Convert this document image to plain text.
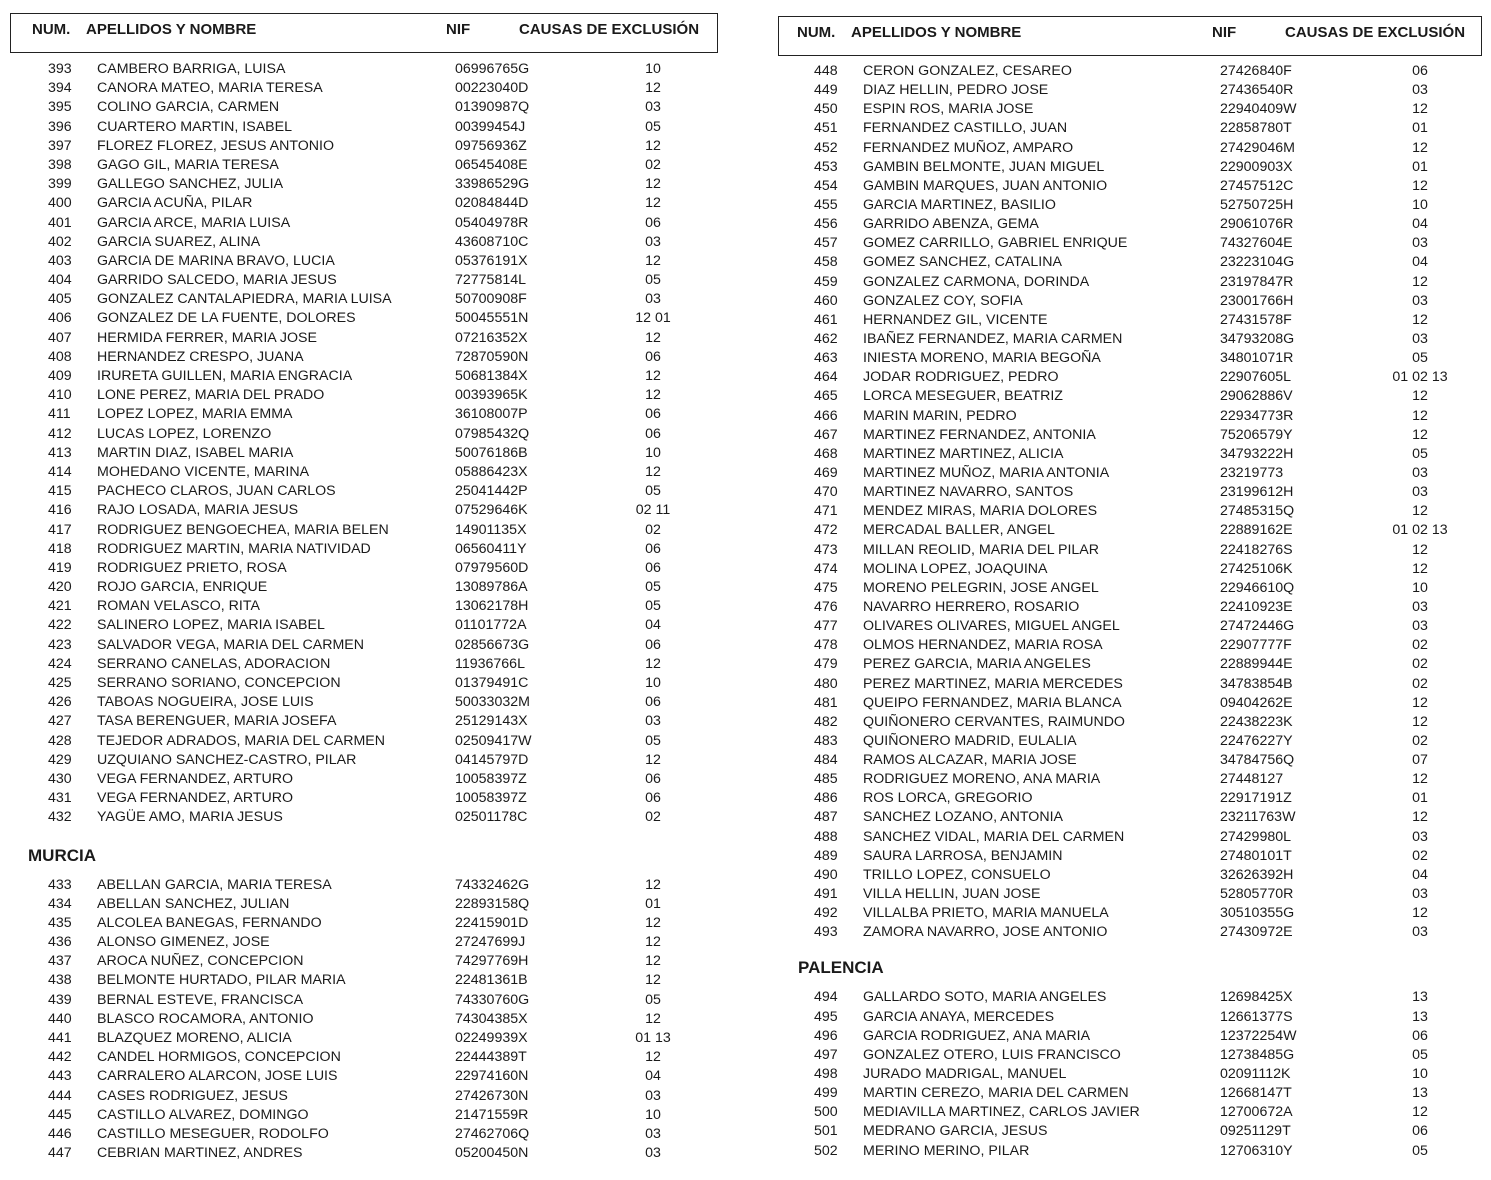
NUM. APELLIDOS Y NOMBRE	NIF	CAUSAS DE EXCLUSIÓN
393 CAMBERO BARRIGA, LUISA	06996765G	10
394 CANORA MATEO, MARIA TERESA	00223040D	12
395 COLINO GARCIA, CARMEN	01390987Q	03
396 CUARTERO MARTIN, ISABEL	00399454J	05
397 FLOREZ FLOREZ, JESUS ANTONIO	09756936Z	12
398 GAGO GIL, MARIA TERESA	06545408E	02
399 GALLEGO SANCHEZ, JULIA	33986529G	12
400 GARCIA ACUÑA, PILAR	02084844D	12
401 GARCIA ARCE, MARIA LUISA	05404978R	06
402 GARCIA SUAREZ, ALINA	43608710C	03
403 GARCIA DE MARINA BRAVO, LUCIA	05376191X	12
404 GARRIDO SALCEDO, MARIA JESUS	72775814L	05
405 GONZALEZ CANTALAPIEDRA, MARIA LUISA	50700908F	03
406 GONZALEZ DE LA FUENTE, DOLORES	50045551N	12 01
407 HERMIDA FERRER, MARIA JOSE	07216352X	12
408 HERNANDEZ CRESPO, JUANA	72870590N	06
409 IRURETA GUILLEN, MARIA ENGRACIA	50681384X	12
410 LONE PEREZ, MARIA DEL PRADO	00393965K	12
411 LOPEZ LOPEZ, MARIA EMMA	36108007P	06
412 LUCAS LOPEZ, LORENZO	07985432Q	06
413 MARTIN DIAZ, ISABEL MARIA	50076186B	10
414 MOHEDANO VICENTE, MARINA	05886423X	12
415 PACHECO CLAROS, JUAN CARLOS	25041442P	05
416 RAJO LOSADA, MARIA JESUS	07529646K	02 11
417 RODRIGUEZ BENGOECHEA, MARIA BELEN	14901135X	02
418 RODRIGUEZ MARTIN, MARIA NATIVIDAD	06560411Y	06
419 RODRIGUEZ PRIETO, ROSA	07979560D	06
420 ROJO GARCIA, ENRIQUE	13089786A	05
421 ROMAN VELASCO, RITA	13062178H	05
422 SALINERO LOPEZ, MARIA ISABEL	01101772A	04
423 SALVADOR VEGA, MARIA DEL CARMEN	02856673G	06
424 SERRANO CANELAS, ADORACION	11936766L	12
425 SERRANO SORIANO, CONCEPCION	01379491C	10
426 TABOAS NOGUEIRA, JOSE LUIS	50033032M	06
427 TASA BERENGUER, MARIA JOSEFA	25129143X	03
428 TEJEDOR ADRADOS, MARIA DEL CARMEN	02509417W	05
429 UZQUIANO SANCHEZ-CASTRO, PILAR	04145797D	12
430 VEGA FERNANDEZ, ARTURO	10058397Z	06
431 VEGA FERNANDEZ, ARTURO	10058397Z	06
432 YAGÜE AMO, MARIA JESUS	02501178C	02
MURCIA
433 ABELLAN GARCIA, MARIA TERESA	74332462G	12
434 ABELLAN SANCHEZ, JULIAN	22893158Q	01
435 ALCOLEA BANEGAS, FERNANDO	22415901D	12
436 ALONSO GIMENEZ, JOSE	27247699J	12
437 AROCA NUÑEZ, CONCEPCION	74297769H	12
438 BELMONTE HURTADO, PILAR MARIA	22481361B	12
439 BERNAL ESTEVE, FRANCISCA	74330760G	05
440 BLASCO ROCAMORA, ANTONIO	74304385X	12
441 BLAZQUEZ MORENO, ALICIA	02249939X	01 13
442 CANDEL HORMIGOS, CONCEPCION	22444389T	12
443 CARRALERO ALARCON, JOSE LUIS	22974160N	04
444 CASES RODRIGUEZ, JESUS	27426730N	03
445 CASTILLO ALVAREZ, DOMINGO	21471559R	10
446 CASTILLO MESEGUER, RODOLFO	27462706Q	03
447 CEBRIAN MARTINEZ, ANDRES	05200450N	03
NUM. APELLIDOS Y NOMBRE	NIF	CAUSAS DE EXCLUSIÓN
448 CERON GONZALEZ, CESAREO	27426840F	06
449 DIAZ HELLIN, PEDRO JOSE	27436540R	03
450 ESPIN ROS, MARIA JOSE	22940409W	12
451 FERNANDEZ CASTILLO, JUAN	22858780T	01
452 FERNANDEZ MUÑOZ, AMPARO	27429046M	12
453 GAMBIN BELMONTE, JUAN MIGUEL	22900903X	01
454 GAMBIN MARQUES, JUAN ANTONIO	27457512C	12
455 GARCIA MARTINEZ, BASILIO	52750725H	10
456 GARRIDO ABENZA, GEMA	29061076R	04
457 GOMEZ CARRILLO, GABRIEL ENRIQUE	74327604E	03
458 GOMEZ SANCHEZ, CATALINA	23223104G	04
459 GONZALEZ CARMONA, DORINDA	23197847R	12
460 GONZALEZ COY, SOFIA	23001766H	03
461 HERNANDEZ GIL, VICENTE	27431578F	12
462 IBAÑEZ FERNANDEZ, MARIA CARMEN	34793208G	03
463 INIESTA MORENO, MARIA BEGOÑA	34801071R	05
464 JODAR RODRIGUEZ, PEDRO	22907605L	01 02 13
465 LORCA MESEGUER, BEATRIZ	29062886V	12
466 MARIN MARIN, PEDRO	22934773R	12
467 MARTINEZ FERNANDEZ, ANTONIA	75206579Y	12
468 MARTINEZ MARTINEZ, ALICIA	34793222H	05
469 MARTINEZ MUÑOZ, MARIA ANTONIA	23219773	03
470 MARTINEZ NAVARRO, SANTOS	23199612H	03
471 MENDEZ MIRAS, MARIA DOLORES	27485315Q	12
472 MERCADAL BALLER, ANGEL	22889162E	01 02 13
473 MILLAN REOLID, MARIA DEL PILAR	22418276S	12
474 MOLINA LOPEZ, JOAQUINA	27425106K	12
475 MORENO PELEGRIN, JOSE ANGEL	22946610Q	10
476 NAVARRO HERRERO, ROSARIO	22410923E	03
477 OLIVARES OLIVARES, MIGUEL ANGEL	27472446G	03
478 OLMOS HERNANDEZ, MARIA ROSA	22907777F	02
479 PEREZ GARCIA, MARIA ANGELES	22889944E	02
480 PEREZ MARTINEZ, MARIA MERCEDES	34783854B	02
481 QUEIPO FERNANDEZ, MARIA BLANCA	09404262E	12
482 QUIÑONERO CERVANTES, RAIMUNDO	22438223K	12
483 QUIÑONERO MADRID, EULALIA	22476227Y	02
484 RAMOS ALCAZAR, MARIA JOSE	34784756Q	07
485 RODRIGUEZ MORENO, ANA MARIA	27448127	12
486 ROS LORCA, GREGORIO	22917191Z	01
487 SANCHEZ LOZANO, ANTONIA	23211763W	12
488 SANCHEZ VIDAL, MARIA DEL CARMEN	27429980L	03
489 SAURA LARROSA, BENJAMIN	27480101T	02
490 TRILLO LOPEZ, CONSUELO	32626392H	04
491 VILLA HELLIN, JUAN JOSE	52805770R	03
492 VILLALBA PRIETO, MARIA MANUELA	30510355G	12
493 ZAMORA NAVARRO, JOSE ANTONIO	27430972E	03
PALENCIA
494 GALLARDO SOTO, MARIA ANGELES	12698425X	13
495 GARCIA ANAYA, MERCEDES	12661377S	13
496 GARCIA RODRIGUEZ, ANA MARIA	12372254W	06
497 GONZALEZ OTERO, LUIS FRANCISCO	12738485G	05
498 JURADO MADRIGAL, MANUEL	02091112K	10
499 MARTIN CEREZO, MARIA DEL CARMEN	12668147T	13
500 MEDIAVILLA MARTINEZ, CARLOS JAVIER	12700672A	12
501 MEDRANO GARCIA, JESUS	09251129T	06
502 MERINO MERINO, PILAR	12706310Y	05
